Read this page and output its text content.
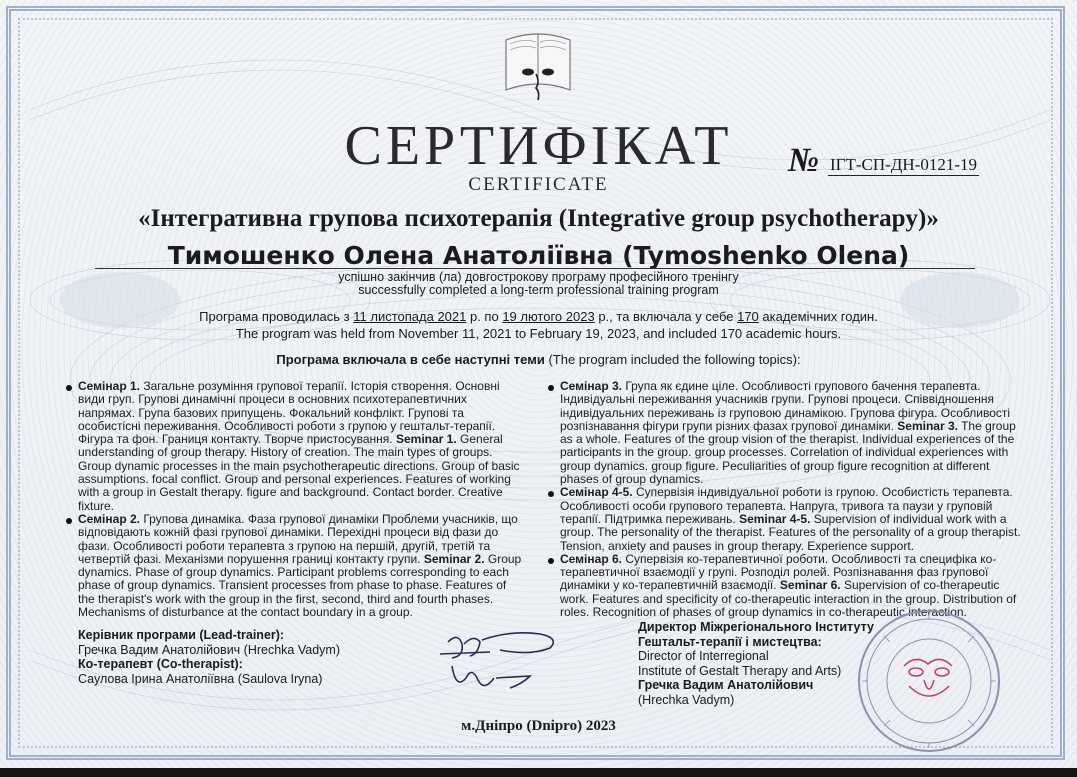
СЕРТИФІКАТ
CERTIFICATE
№ ІГТ-СП-ДН-0121-19
«Інтегративна групова психотерапія (Integrative group psychotherapy)»
Тимошенко Олена Анатоліївна (Tymoshenko Olena)
успішно закінчив (ла) довгострокову програму професійного тренінгу
successfully completed a long-term professional training program
Програма проводилась з 11 листопада 2021 р. по 19 лютого 2023 р., та включала у себе 170 академічних годин.
The program was held from November 11, 2021 to February 19, 2023, and included 170 academic hours.
Програма включала в себе наступні теми (The program included the following topics):
Семінар 1. Загальне розуміння групової терапії. Історія створення. Основні види груп. Групові динамічні процеси в основних психотерапевтичних напрямах. Група базових припущень. Фокальний конфлікт. Групові та особистісні переживання. Особливості роботи з групою у гештальт-терапії. Фігура та фон. Границя контакту. Творче пристосування. Seminar 1. General understanding of group therapy. History of creation. The main types of groups. Group dynamic processes in the main psychotherapeutic directions. Group of basic assumptions. focal conflict. Group and personal experiences. Features of working with a group in Gestalt therapy. figure and background. Contact border. Creative fixture.
Семінар 2. Групова динаміка. Фаза групової динаміки Проблеми учасників, що відповідають кожній фазі групової динаміки. Перехідні процеси від фази до фази. Особливості роботи терапевта з групою на першій, другій, третій та четвертій фазі. Механізми порушення границі контакту групи. Seminar 2. Group dynamics. Phase of group dynamics. Participant problems corresponding to each phase of group dynamics. Transient processes from phase to phase. Features of the therapist's work with the group in the first, second, third and fourth phases. Mechanisms of disturbance at the contact boundary in a group.
Семінар 3. Група як єдине ціле. Особливості групового бачення терапевта. Індивідуальні переживання учасників групи. Групові процеси. Співвідношення індивідуальних переживань із груповою динамікою. Групова фігура. Особливості розпізнавання фігури групи різних фазах групової динаміки. Seminar 3. The group as a whole. Features of the group vision of the therapist. Individual experiences of the participants in the group. group processes. Correlation of individual experiences with group dynamics. group figure. Peculiarities of group figure recognition at different phases of group dynamics.
Семінар 4-5. Супервізія індивідуальної роботи із групою. Особистість терапевта. Особливості особи групового терапевта. Напруга, тривога та паузи у груповій терапії. Підтримка переживань. Seminar 4-5. Supervision of individual work with a group. The personality of the therapist. Features of the personality of a group therapist. Tension, anxiety and pauses in group therapy. Experience support.
Семінар 6. Супервізія ко-терапевтичної роботи. Особливості та специфіка ко-терапевтичної взаємодії у групі. Розподіл ролей. Розпізнавання фаз групової динаміки у ко-терапевтичній взаємодії. Seminar 6. Supervision of co-therapeutic work. Features and specificity of co-therapeutic interaction in the group. Distribution of roles. Recognition of phases of group dynamics in co-therapeutic interaction.
Керівник програми (Lead-trainer):
Гречка Вадим Анатолійович (Hrechka Vadym)
Ко-терапевт (Co-therapist):
Саулова Ірина Анатоліївна (Saulova Iryna)
Директор Міжрегіонального Інституту
Гештальт-терапії і мистецтва:
Director of Interregional
Institute of Gestalt Therapy and Arts)
Гречка Вадим Анатолійович
(Hrechka Vadym)
м.Дніпро (Dnipro) 2023
